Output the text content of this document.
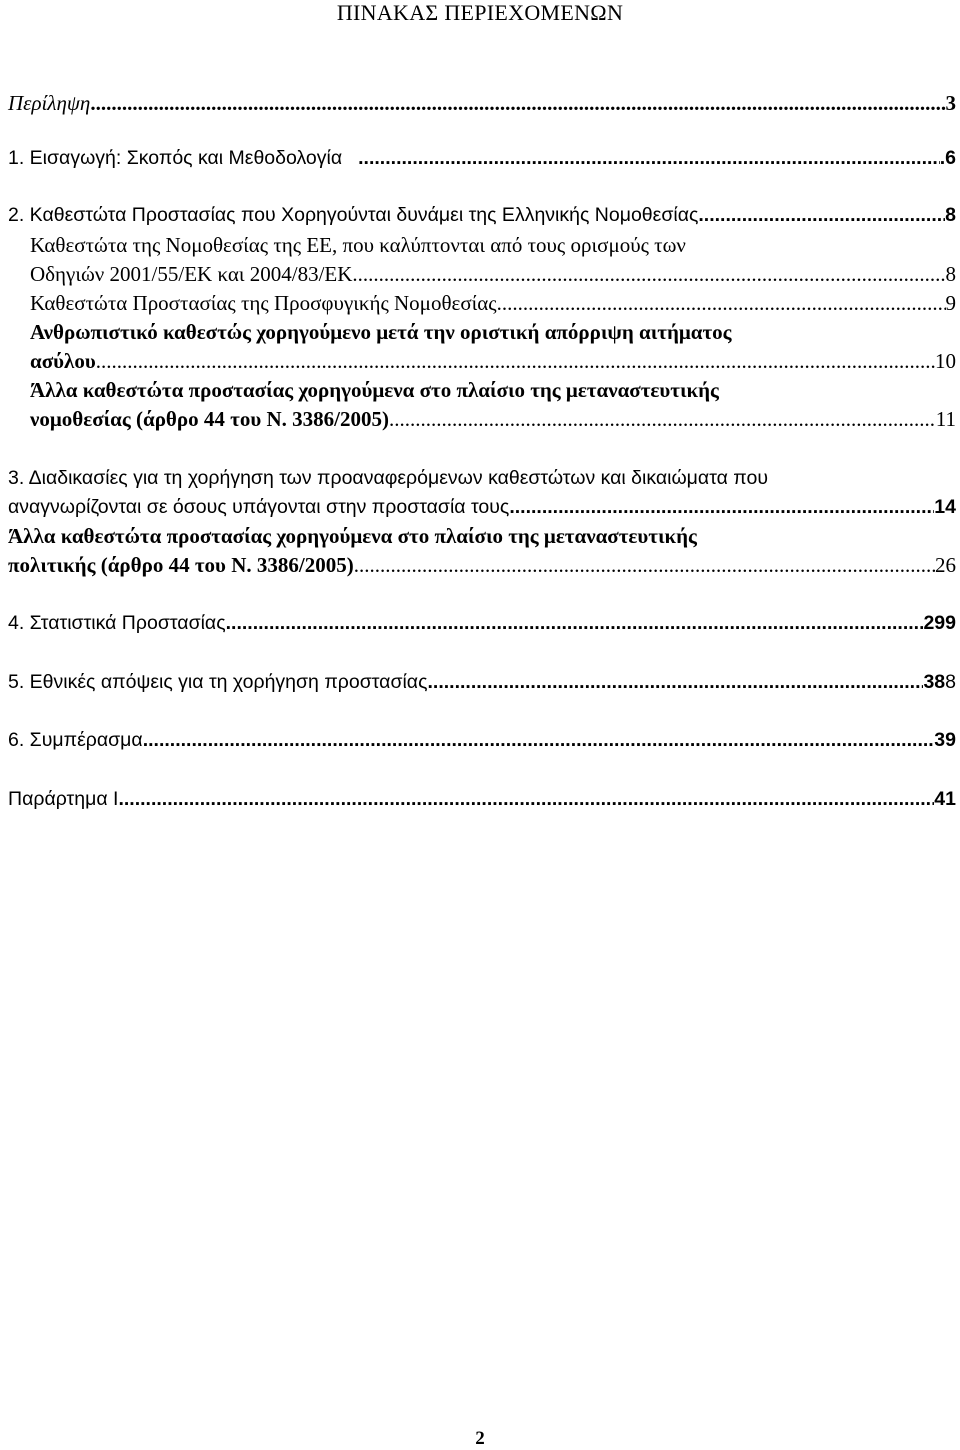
ΠΙΝΑΚΑΣ ΠΕΡΙΕΧΟΜΕΝΩΝ
Περίληψη .....	3
1. Εισαγωγή: Σκοπός και Μεθοδολογία .....	.6
2. Καθεστώτα Προστασίας που Χορηγούνται δυνάμει της Ελληνικής Νομοθεσίας .....	8
Καθεστώτα της Νομοθεσίας της ΕΕ, που καλύπτονται από τους ορισμούς των
Οδηγιών 2001/55/ΕΚ και 2004/83/ΕΚ .....	8
Καθεστώτα Προστασίας της Προσφυγικής Νομοθεσίας .....	9
Ανθρωπιστικό καθεστώς χορηγούμενο μετά την οριστική απόρριψη αιτήματος
ασύλου .....	10
Άλλα καθεστώτα προστασίας χορηγούμενα στο πλαίσιο της μεταναστευτικής
νομοθεσίας (άρθρο 44 του Ν. 3386/2005) .....	11
3. Διαδικασίες για τη χορήγηση των προαναφερόμενων καθεστώτων και δικαιώματα που
αναγνωρίζονται σε όσους υπάγονται στην προστασία τους .....	14
Άλλα καθεστώτα προστασίας χορηγούμενα στο πλαίσιο της μεταναστευτικής
πολιτικής (άρθρο 44 του Ν. 3386/2005) .....	26
4. Στατιστικά Προστασίας .....	299
5. Εθνικές απόψεις για τη χορήγηση προστασίας .....	388
6. Συμπέρασμα .....	39
Παράρτημα Ι .....	41
2
